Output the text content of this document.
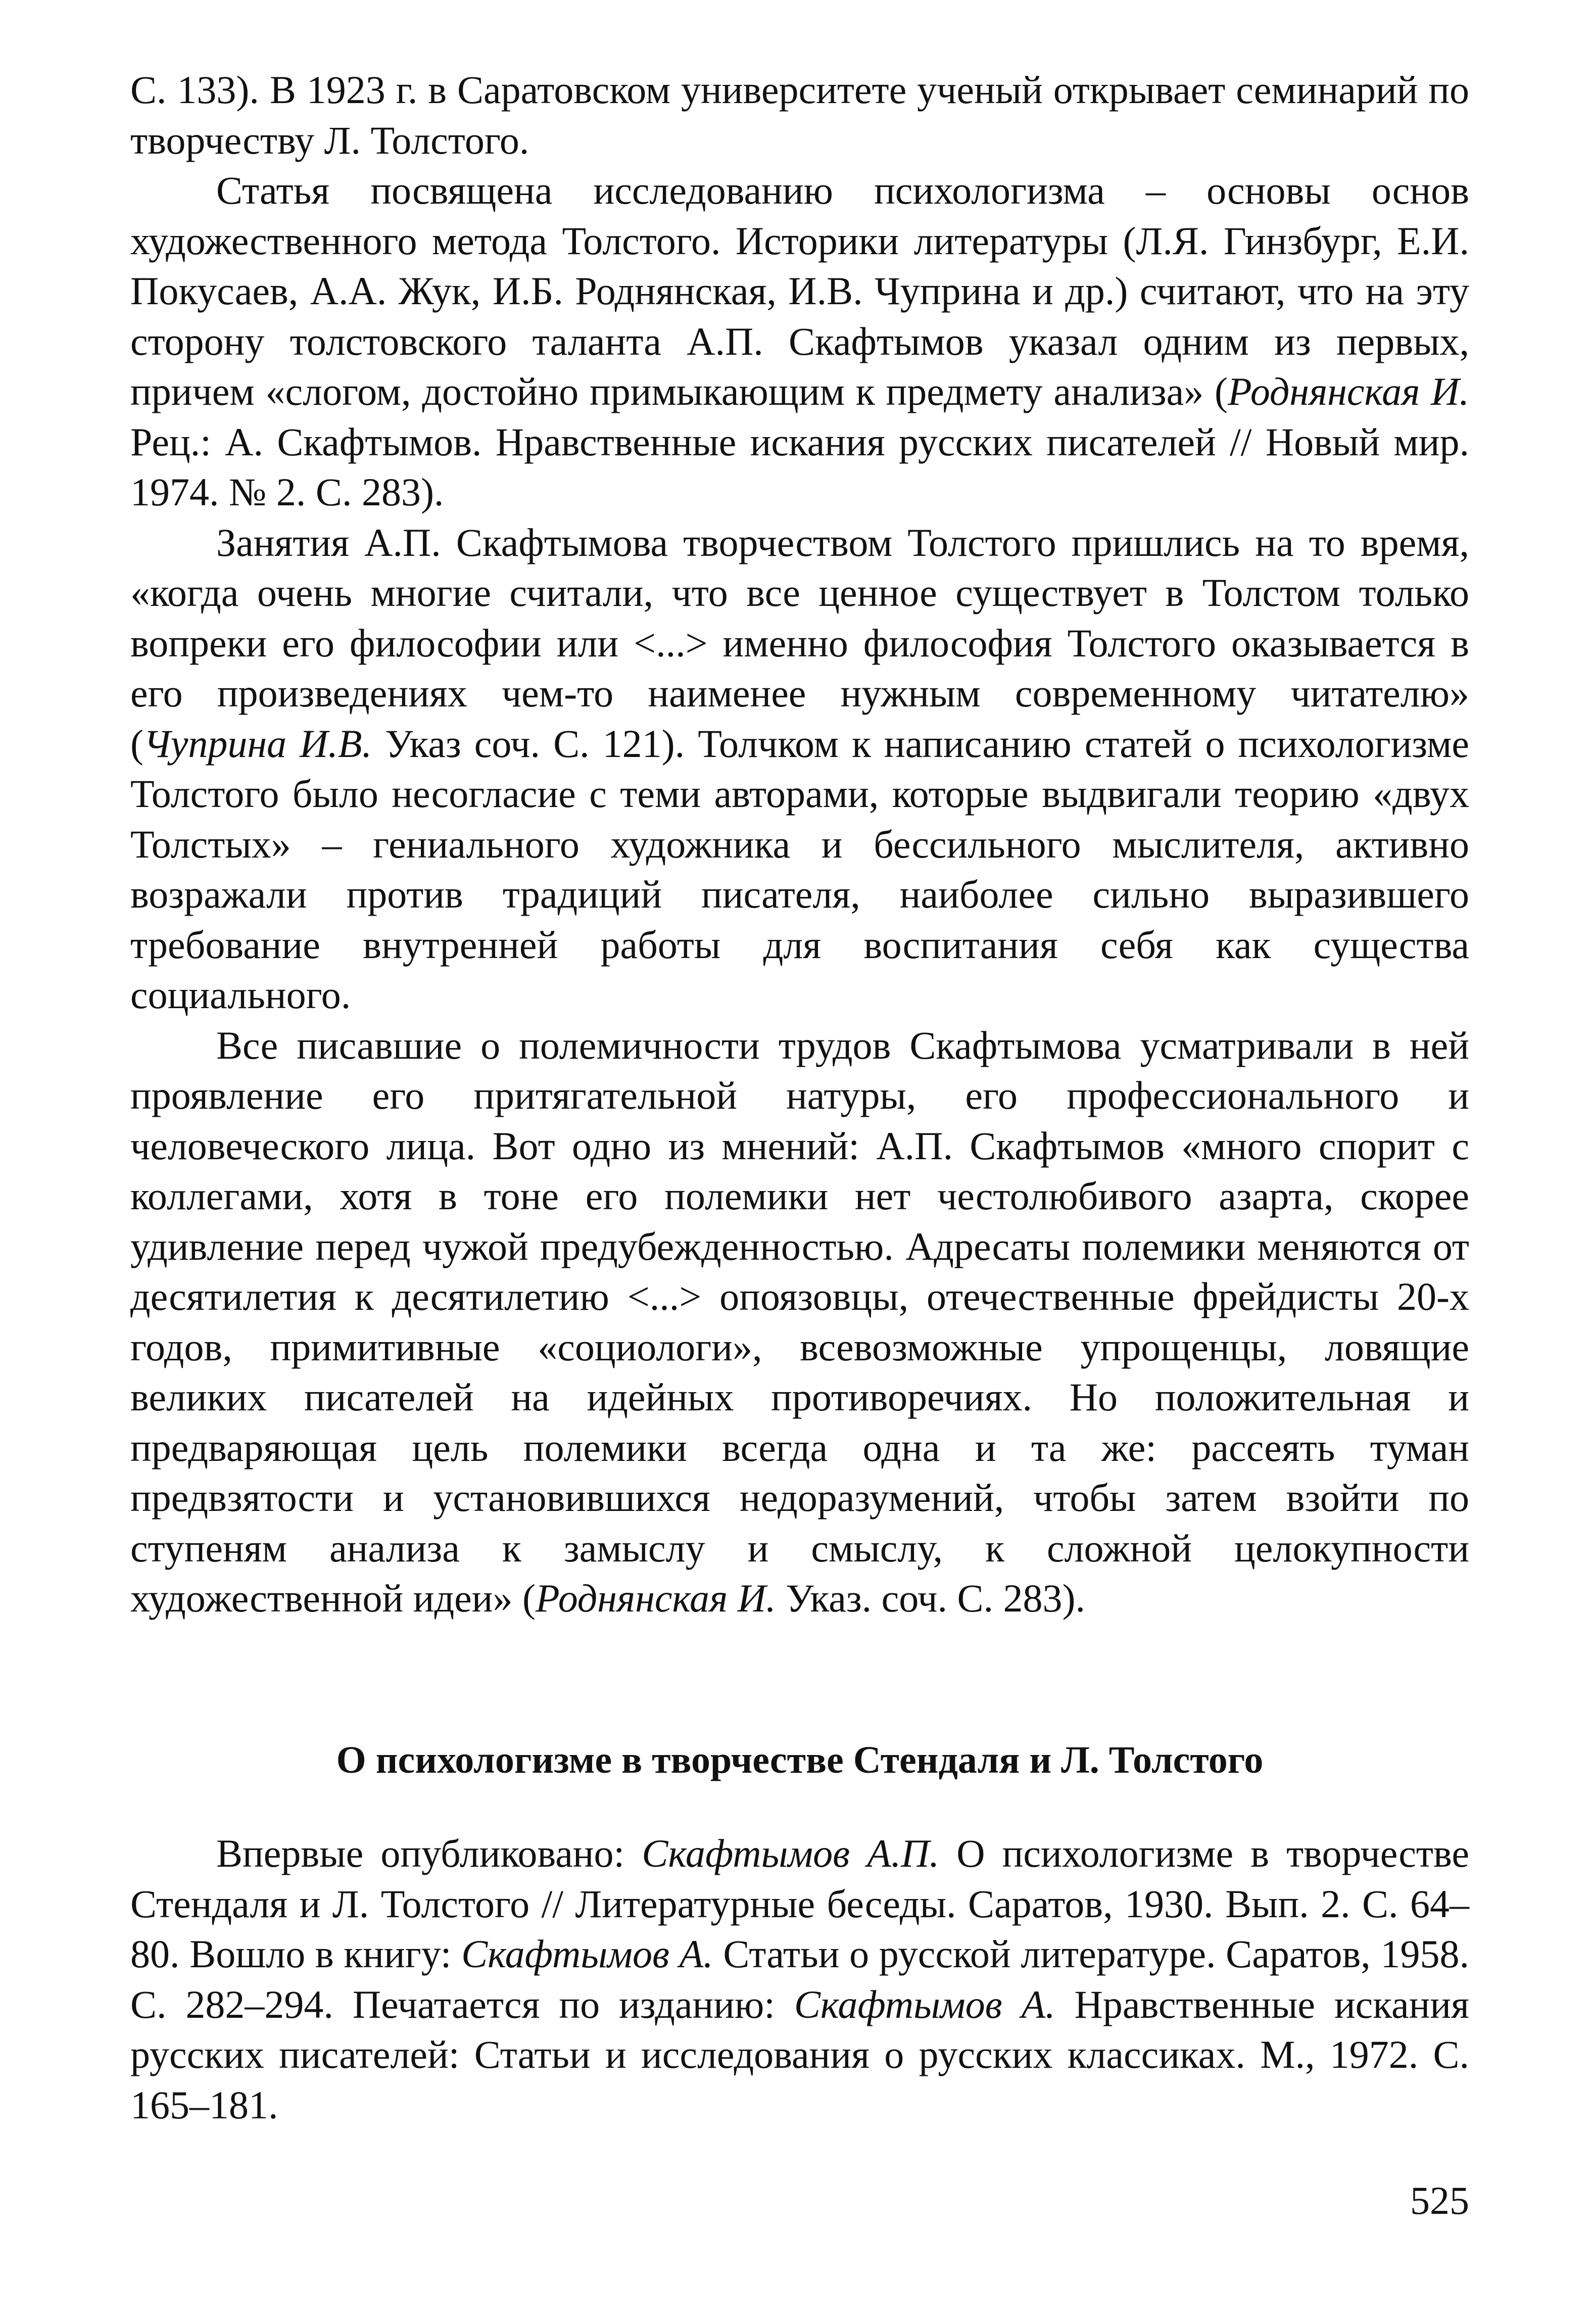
С. 133). В 1923 г. в Саратовском университете ученый открывает семинарий по творчеству Л. Толстого.

Статья посвящена исследованию психологизма – основы основ художественного метода Толстого. Историки литературы (Л.Я. Гинзбург, Е.И. Покусаев, А.А. Жук, И.Б. Роднянская, И.В. Чуприна и др.) считают, что на эту сторону толстовского таланта А.П. Скафтымов указал одним из первых, причем «слогом, достойно примыкающим к предмету анализа» (Роднянская И. Рец.: А. Скафтымов. Нравственные искания русских писателей // Новый мир. 1974. № 2. С. 283).

Занятия А.П. Скафтымова творчеством Толстого пришлись на то время, «когда очень многие считали, что все ценное существует в Толстом только вопреки его философии или <...> именно философия Толстого оказывается в его произведениях чем-то наименее нужным современному читателю» (Чуприна И.В. Указ соч. С. 121). Толчком к написанию статей о психологизме Толстого было несогласие с теми авторами, которые выдвигали теорию «двух Толстых» – гениального художника и бессильного мыслителя, активно возражали против традиций писателя, наиболее сильно выразившего требование внутренней работы для воспитания себя как существа социального.

Все писавшие о полемичности трудов Скафтымова усматривали в ней проявление его притягательной натуры, его профессионального и человеческого лица. Вот одно из мнений: А.П. Скафтымов «много спорит с коллегами, хотя в тоне его полемики нет честолюбивого азарта, скорее удивление перед чужой предубежденностью. Адресаты полемики меняются от десятилетия к десятилетию <...> опоязовцы, отечественные фрейдисты 20-х годов, примитивные «социологи», всевозможные упрощенцы, ловящие великих писателей на идейных противоречиях. Но положительная и предваряющая цель полемики всегда одна и та же: рассеять туман предвзятости и установившихся недоразумений, чтобы затем взойти по ступеням анализа к замыслу и смыслу, к сложной целокупности художественной идеи» (Роднянская И. Указ. соч. С. 283).

О психологизме в творчестве Стендаля и Л. Толстого

Впервые опубликовано: Скафтымов А.П. О психологизме в творчестве Стендаля и Л. Толстого // Литературные беседы. Саратов, 1930. Вып. 2. С. 64–80. Вошло в книгу: Скафтымов А. Статьи о русской литературе. Саратов, 1958. С. 282–294. Печатается по изданию: Скафтымов А. Нравственные искания русских писателей: Статьи и исследования о русских классиках. М., 1972. С. 165–181.

525
